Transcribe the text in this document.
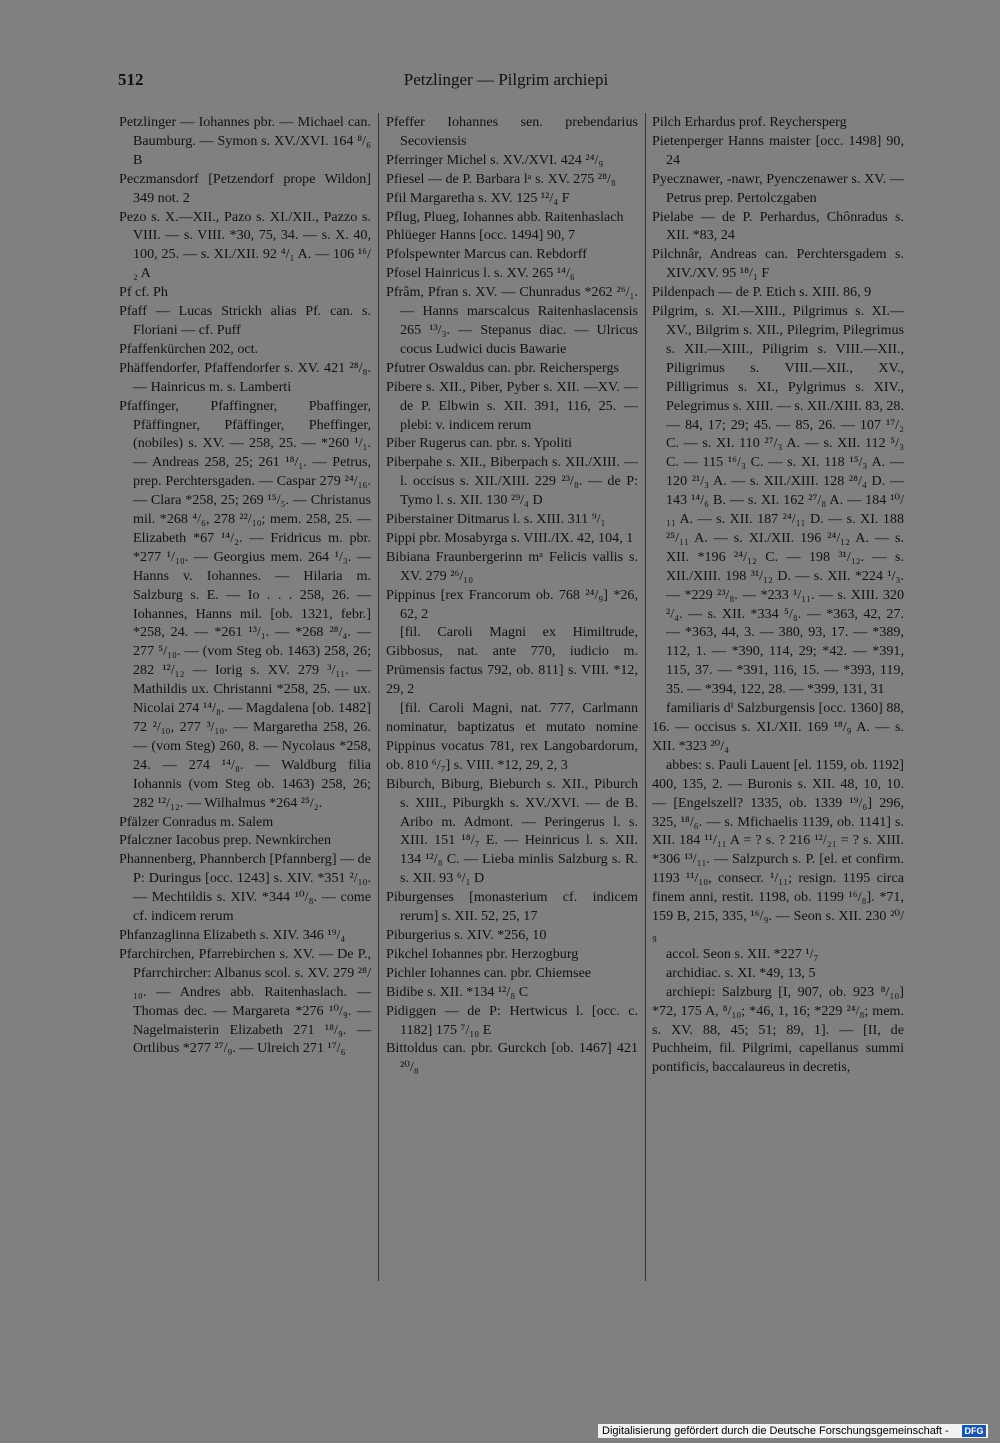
512	Petzlinger — Pilgrim archiepi

Petzlinger — Iohannes pbr. — Michael can. Baumburg. — Symon s. XV./XVI. 164 ⁸/₆ B

Peczmansdorf [Petzendorf prope Wildon] 349 not. 2

Pezo s. X.—XII., Pazo s. XI./XII., Pazzo s. VIII. — s. VIII. *30, 75, 34. — s. X. 40, 100, 25. — s. XI./XII. 92 ⁴/₁ A. — 106 ¹⁶/₂ A

Pf cf. Ph

Pfaff — Lucas Strickh alias Pf. can. s. Floriani — cf. Puff

Pfaffenkürchen 202, oct.

Phäffendorfer, Pfaffendorfer s. XV. 421 ²⁸/₈. — Hainricus m. s. Lamberti

Pfaffinger, Pfaffingner, Pbaffinger, Pfäffingner, Pfäffinger, Pheffinger, (nobiles) s. XV. — 258, 25. — *260 ¹/₁. — Andreas 258, 25; 261 ¹⁸/₁. — Petrus, prep. Perchtersgaden. — Caspar 279 ²⁴/₁₆. — Clara *258, 25; 269 ¹⁵/₅. — Christanus mil. *268 ⁴/₆, 278 ²²/₁₀; mem. 258, 25. — Elizabeth *67 ¹⁴/₂. — Fridricus m. pbr. *277 ¹/₁₀. — Georgius mem. 264 ¹/₃. — Hanns v. Iohannes. — Hilaria m. Salzburg s. E. — Io . . . 258, 26. — Iohannes, Hanns mil. [ob. 1321, febr.] *258, 24. — *261 ¹³/₁. — *268 ²⁸/₄. — 277 ⁵/₁₀. — (vom Steg ob. 1463) 258, 26; 282 ¹²/₁₂ — Iorig s. XV. 279 ³/₁₁. — Mathildis ux. Christanni *258, 25. — ux. Nicolai 274 ¹⁴/₈. — Magdalena [ob. 1482] 72 ²/₁₀, 277 ³/₁₀. — Margaretha 258, 26. — (vom Steg) 260, 8. — Nycolaus *258, 24. — 274 ¹⁴/₈. — Waldburg filia Iohannis (vom Steg ob. 1463) 258, 26; 282 ¹²/₁₂. — Wilhalmus *264 ²⁵/₂.

Pfälzer Conradus m. Salem

Pfalczner Iacobus prep. Newnkirchen

Phannenberg, Phannberch [Pfannberg] — de P: Duringus [occ. 1243] s. XIV. *351 ²/₁₀. — Mechtildis s. XIV. *344 ¹⁰/₈. — come cf. indicem rerum

Phfanzaglinna Elizabeth s. XIV. 346 ¹⁹/₄

Pfarchirchen, Pfarrebirchen s. XV. — De P., Pfarrchircher: Albanus scol. s. XV. 279 ²⁸/₁₀. — Andres abb. Raitenhaslach. — Thomas dec. — Margareta *276 ¹⁰/₉. — Nagelmaisterin Elizabeth 271 ¹⁸/₉. — Ortlibus *277 ²⁷/₉. — Ulreich 271 ¹⁷/₆

Pfeffer Iohannes sen. prebendarius Secoviensis

Pferringer Michel s. XV./XVI. 424 ²⁴/₉

Pfiesel — de P. Barbara lᵃ s. XV. 275 ²⁸/₈

Pfil Margaretha s. XV. 125 ¹²/₄ F

Pflug, Plueg, Iohannes abb. Raitenhaslach

Phlüeger Hanns [occ. 1494] 90, 7

Pfolspewnter Marcus can. Rebdorff

Pfosel Hainricus l. s. XV. 265 ¹⁴/₆

Pfrâm, Pfran s. XV. — Chunradus *262 ²⁶/₁. — Hanns marscalcus Raitenhaslacensis 265 ¹³/₃. — Stepanus diac. — Ulricus cocus Ludwici ducis Bawarie

Pfutrer Oswaldus can. pbr. Reicherspergs

Pibere s. XII., Piber, Pyber s. XII. —XV. — de P. Elbwin s. XII. 391, 116, 25. — plebi: v. indicem rerum

Piber Rugerus can. pbr. s. Ypoliti

Piberpahe s. XII., Biberpach s. XII./XIII. — l. occisus s. XII./XIII. 229 ²³/₈. — de P: Tymo l. s. XII. 130 ²⁹/₄ D

Piberstainer Ditmarus l. s. XIII. 311 ⁹/₁

Pippi pbr. Mosabyrga s. VIII./IX. 42, 104, 1

Bibiana Fraunbergerinn mᵃ Felicis vallis s. XV. 279 ²⁶/₁₀

Pippinus [rex Francorum ob. 768 ²⁴/₉] *26, 62, 2

[fil. Caroli Magni ex Himiltrude, Gibbosus, nat. ante 770, iudicio m. Prümensis factus 792, ob. 811] s. VIII. *12, 29, 2

[fil. Caroli Magni, nat. 777, Carlmann nominatur, baptizatus et mutato nomine Pippinus vocatus 781, rex Langobardorum, ob. 810 ⁶/₇] s. VIII. *12, 29, 2, 3

Biburch, Biburg, Bieburch s. XII., Piburch s. XIII., Piburgkh s. XV./XVI. — de B. Aribo m. Admont. — Peringerus l. s. XIII. 151 ¹⁸/₇ E. — Heinricus l. s. XII. 134 ¹²/₈ C. — Lieba minlis Salzburg s. R. s. XII. 93 ⁶/₁ D

Piburgenses [monasterium cf. indicem rerum] s. XII. 52, 25, 17

Piburgerius s. XIV. *256, 10

Pikchel Iohannes pbr. Herzogburg

Pichler Iohannes can. pbr. Chiemsee

Bidibe s. XII. *134 ¹²/₈ C

Pidiggen — de P: Hertwicus l. [occ. c. 1182] 175 ⁷/₁₀ E

Bittoldus can. pbr. Gurckch [ob. 1467] 421 ²⁰/₈

Pilch Erhardus prof. Reychersperg

Pietenperger Hanns maister [occ. 1498] 90, 24

Pyecznawer, -nawr, Pyenczenawer s. XV. — Petrus prep. Pertolczgaben

Pielabe — de P. Perhardus, Chônradus s. XII. *83, 24

Pilchnâr, Andreas can. Perchtersgadem s. XIV./XV. 95 ¹⁸/₁ F

Pildenpach — de P. Etich s. XIII. 86, 9

Pilgrim, s. XI.—XIII., Pilgrimus s. XI.—XV., Bilgrim s. XII., Pilegrim, Pilegrimus s. XII.—XIII., Piligrim s. VIII.—XII., Piligrimus s. VIII.—XII., XV., Pilligrimus s. XI., Pylgrimus s. XIV., Pelegrimus s. XIII. — s. XII./XIII. 83, 28. — 84, 17; 29; 45. — 85, 26. — 107 ¹⁷/₂ C. — s. XI. 110 ²⁷/₃ A. — s. XII. 112 ⁵/₃ C. — 115 ¹⁶/₃ C. — s. XI. 118 ¹⁵/₃ A. — 120 ²¹/₃ A. — s. XII./XIII. 128 ²⁸/₄ D. — 143 ¹⁴/₆ B. — s. XI. 162 ²⁷/₈ A. — 184 ¹⁰/₁₁ A. — s. XII. 187 ²⁴/₁₁ D. — s. XI. 188 ²⁵/₁₁ A. — s. XI./XII. 196 ²⁴/₁₂ A. — s. XII. *196 ²⁴/₁₂ C. — 198 ³¹/₁₂. — s. XII./XIII. 198 ³¹/₁₂ D. — s. XII. *224 ¹/₃. — *229 ²³/₈. — *233 ¹/₁₁. — s. XIII. 320 ²/₄. — s. XII. *334 ⁵/₈. — *363, 42, 27. — *363, 44, 3. — 380, 93, 17. — *389, 112, 1. — *390, 114, 29; *42. — *391, 115, 37. — *391, 116, 15. — *393, 119, 35. — *394, 122, 28. — *399, 131, 31

familiaris dⁱ Salzburgensis [occ. 1360] 88, 16. — occisus s. XI./XII. 169 ¹⁸/₉ A. — s. XII. *323 ²⁰/₄

abbes: s. Pauli Lauent [el. 1159, ob. 1192] 400, 135, 2. — Buronis s. XII. 48, 10, 10. — [Engelszell? 1335, ob. 1339 ¹⁹/₆] 296, 325, ¹⁸/₆. — s. Mfichaelis 1139, ob. 1141] s. XII. 184 ¹¹/₁₁ A = ? s. ? 216 ¹²/₂₁ = ? s. XIII. *306 ¹³/₁₁. — Salzpurch s. P. [el. et confirm. 1193 ¹¹/₁₀, consecr. ¹/₁₁; resign. 1195 circa finem anni, restit. 1198, ob. 1199 ¹⁶/₈]. *71, 159 B, 215, 335, ¹⁶/₉. — Seon s. XII. 230 ²⁰/₉

accol. Seon s. XII. *227 ¹/₇

archidiac. s. XI. *49, 13, 5

archiepi: Salzburg [I, 907, ob. 923 ⁸/₁₀] *72, 175 A, ⁸/₁₀; *46, 1, 16; *229 ²⁴/₈; mem. s. XV. 88, 45; 51; 89, 1]. — [II, de Puchheim, fil. Pilgrimi, capellanus summi pontificis, baccalaureus in decretis,

Digitalisierung gefördert durch die Deutsche Forschungsgemeinschaft - DFG
